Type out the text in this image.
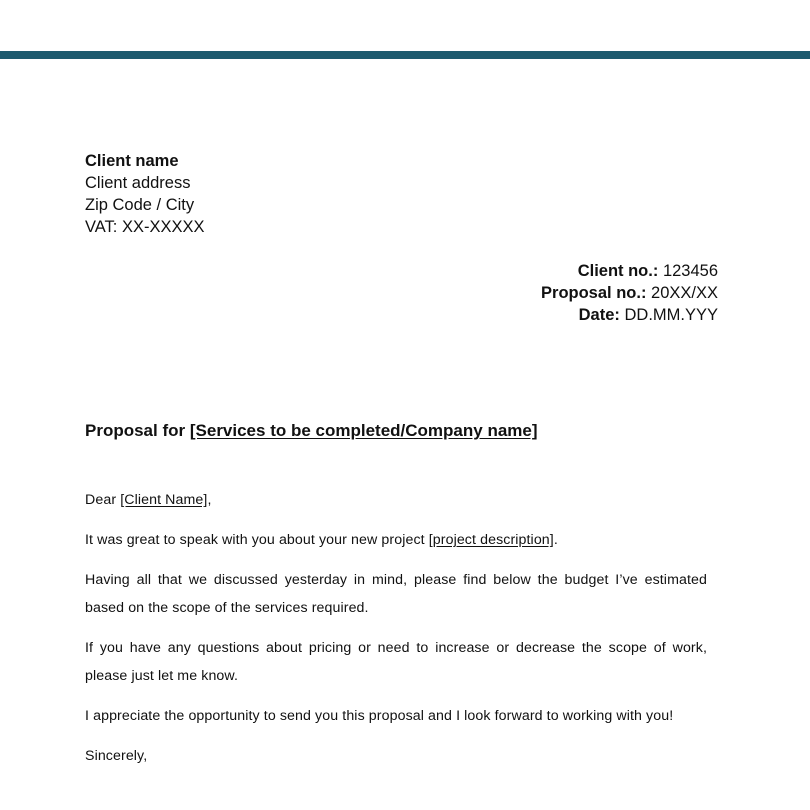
Client name
Client address
Zip Code / City
VAT: XX-XXXXX
Client no.: 123456
Proposal no.: 20XX/XX
Date: DD.MM.YYY
Proposal for [Services to be completed/Company name]

Dear [Client Name],

It was great to speak with you about your new project [project description].

Having all that we discussed yesterday in mind, please find below the budget I’ve estimated based on the scope of the services required.

If you have any questions about pricing or need to increase or decrease the scope of work, please just let me know.

I appreciate the opportunity to send you this proposal and I look forward to working with you!

Sincerely,
